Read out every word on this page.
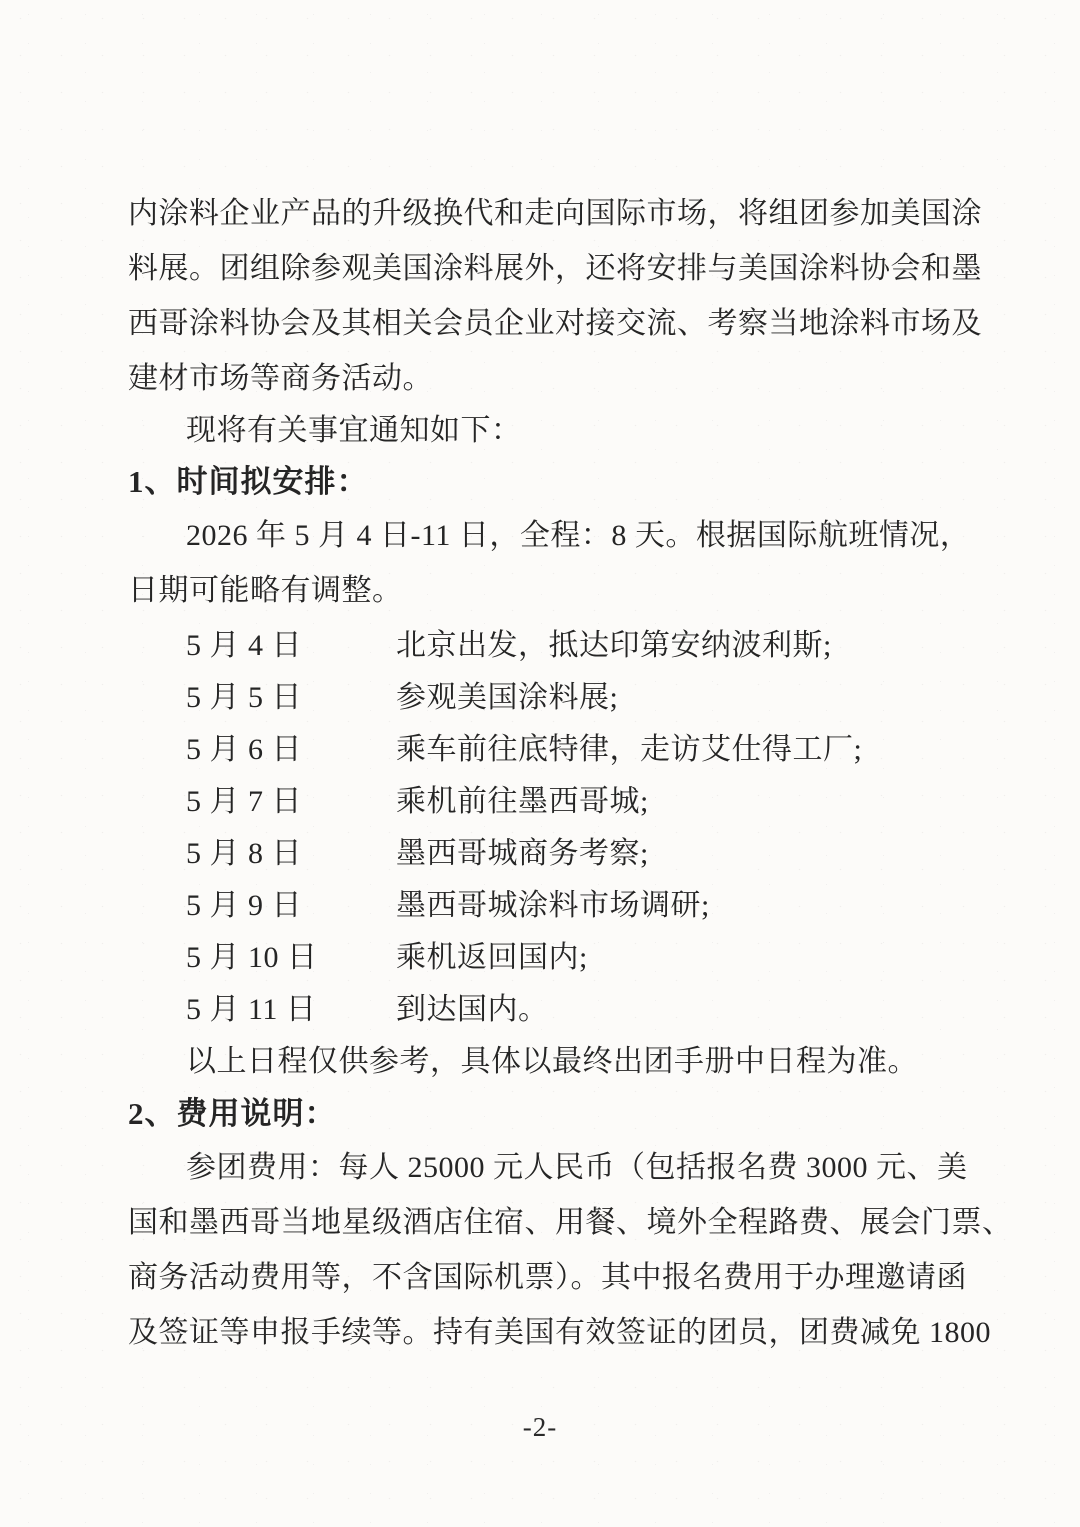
内涂料企业产品的升级换代和走向国际市场，将组团参加美国涂
料展。团组除参观美国涂料展外，还将安排与美国涂料协会和墨
西哥涂料协会及其相关会员企业对接交流、考察当地涂料市场及
建材市场等商务活动。

现将有关事宜通知如下：

1、时间拟安排：

2026 年 5 月 4 日-11 日，全程：8 天。根据国际航班情况，
日期可能略有调整。

5 月 4 日	北京出发，抵达印第安纳波利斯;
5 月 5 日	参观美国涂料展;
5 月 6 日	乘车前往底特律，走访艾仕得工厂;
5 月 7 日	乘机前往墨西哥城;
5 月 8 日	墨西哥城商务考察;
5 月 9 日	墨西哥城涂料市场调研;
5 月 10 日	乘机返回国内;
5 月 11 日	到达国内。

以上日程仅供参考，具体以最终出团手册中日程为准。

2、费用说明：

参团费用：每人 25000 元人民币（包括报名费 3000 元、美
国和墨西哥当地星级酒店住宿、用餐、境外全程路费、展会门票、
商务活动费用等，不含国际机票）。其中报名费用于办理邀请函
及签证等申报手续等。持有美国有效签证的团员，团费减免 1800

-2-
